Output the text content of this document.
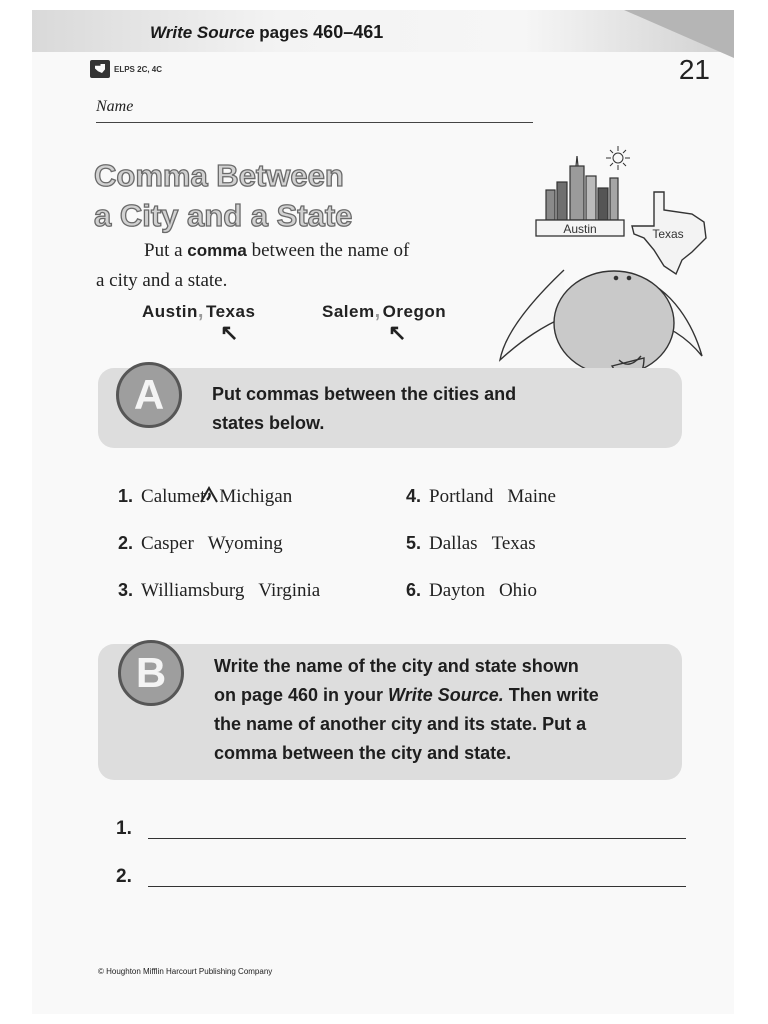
Write Source pages 460–461
ELPS 2C, 4C	21
Name
Comma Between
a City and a State
Put a comma between the name of
a city and a state.
Austin, Texas
↖
Salem, Oregon
↖
Austin	Texas
A	Put commas between the cities and
states below.
1. Calumet Michigan
2. Casper Wyoming
3. Williamsburg Virginia
4. Portland Maine
5. Dallas Texas
6. Dayton Ohio
B	Write the name of the city and state shown
on page 460 in your Write Source. Then write
the name of another city and its state. Put a
comma between the city and state.
1.
2.
© Houghton Mifflin Harcourt Publishing Company
